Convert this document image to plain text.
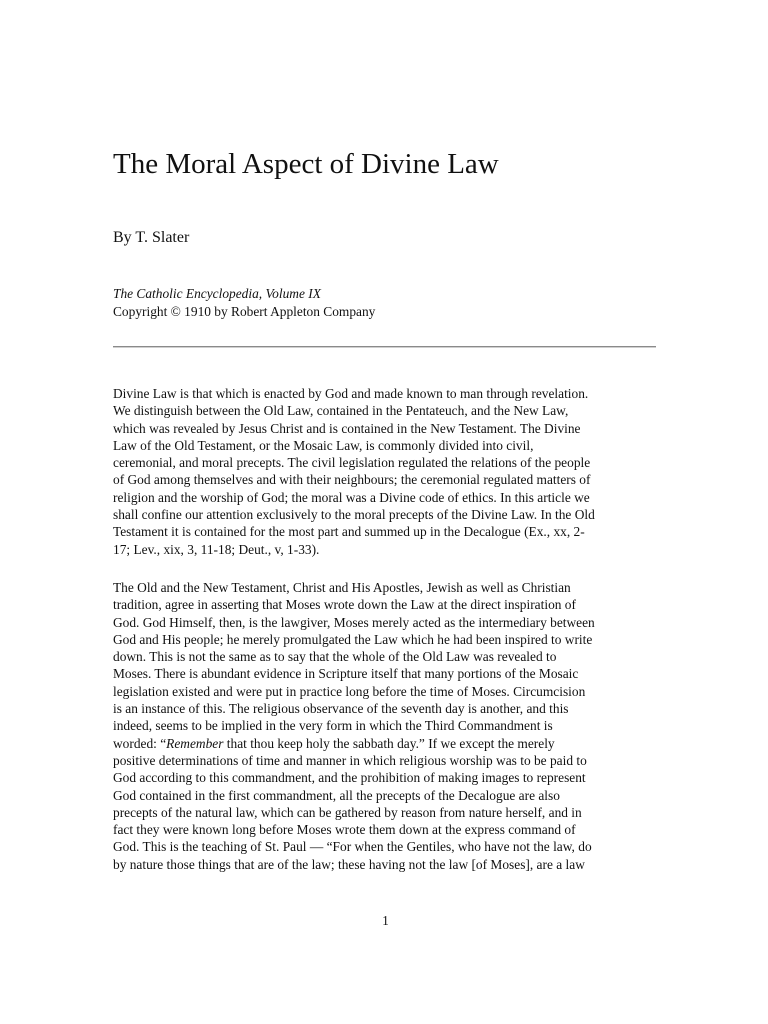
The Moral Aspect of Divine Law
By T. Slater
The Catholic Encyclopedia, Volume IX
Copyright © 1910 by Robert Appleton Company

Divine Law is that which is enacted by God and made known to man through revelation.
We distinguish between the Old Law, contained in the Pentateuch, and the New Law,
which was revealed by Jesus Christ and is contained in the New Testament. The Divine
Law of the Old Testament, or the Mosaic Law, is commonly divided into civil,
ceremonial, and moral precepts. The civil legislation regulated the relations of the people
of God among themselves and with their neighbours; the ceremonial regulated matters of
religion and the worship of God; the moral was a Divine code of ethics. In this article we
shall confine our attention exclusively to the moral precepts of the Divine Law. In the Old
Testament it is contained for the most part and summed up in the Decalogue (Ex., xx, 2-
17; Lev., xix, 3, 11-18; Deut., v, 1-33).

The Old and the New Testament, Christ and His Apostles, Jewish as well as Christian
tradition, agree in asserting that Moses wrote down the Law at the direct inspiration of
God. God Himself, then, is the lawgiver, Moses merely acted as the intermediary between
God and His people; he merely promulgated the Law which he had been inspired to write
down. This is not the same as to say that the whole of the Old Law was revealed to
Moses. There is abundant evidence in Scripture itself that many portions of the Mosaic
legislation existed and were put in practice long before the time of Moses. Circumcision
is an instance of this. The religious observance of the seventh day is another, and this
indeed, seems to be implied in the very form in which the Third Commandment is
worded: “Remember that thou keep holy the sabbath day.” If we except the merely
positive determinations of time and manner in which religious worship was to be paid to
God according to this commandment, and the prohibition of making images to represent
God contained in the first commandment, all the precepts of the Decalogue are also
precepts of the natural law, which can be gathered by reason from nature herself, and in
fact they were known long before Moses wrote them down at the express command of
God. This is the teaching of St. Paul — “For when the Gentiles, who have not the law, do
by nature those things that are of the law; these having not the law [of Moses], are a law

1
